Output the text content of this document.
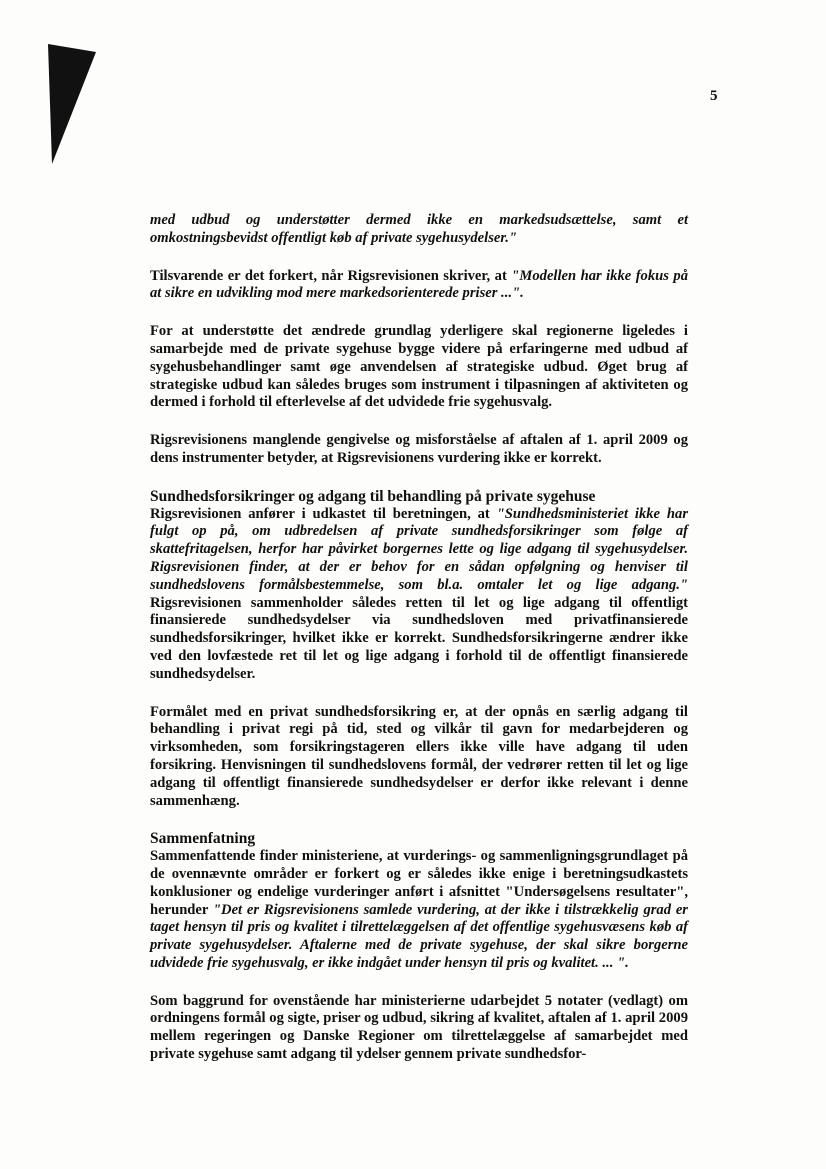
5

med udbud og understøtter dermed ikke en markedsudsættelse, samt et omkostningsbevidst offentligt køb af private sygehusydelser."

Tilsvarende er det forkert, når Rigsrevisionen skriver, at "Modellen har ikke fokus på at sikre en udvikling mod mere markedsorienterede priser ...".

For at understøtte det ændrede grundlag yderligere skal regionerne ligeledes i samarbejde med de private sygehuse bygge videre på erfaringerne med udbud af sygehusbehandlinger samt øge anvendelsen af strategiske udbud. Øget brug af strategiske udbud kan således bruges som instrument i tilpasningen af aktiviteten og dermed i forhold til efterlevelse af det udvidede frie sygehusvalg.

Rigsrevisionens manglende gengivelse og misforståelse af aftalen af 1. april 2009 og dens instrumenter betyder, at Rigsrevisionens vurdering ikke er korrekt.

Sundhedsforsikringer og adgang til behandling på private sygehuse

Rigsrevisionen anfører i udkastet til beretningen, at "Sundhedsministeriet ikke har fulgt op på, om udbredelsen af private sundhedsforsikringer som følge af skattefritagelsen, herfor har påvirket borgernes lette og lige adgang til sygehusydelser. Rigsrevisionen finder, at der er behov for en sådan opfølgning og henviser til sundhedslovens formålsbestemmelse, som bl.a. omtaler let og lige adgang." Rigsrevisionen sammenholder således retten til let og lige adgang til offentligt finansierede sundhedsydelser via sundhedsloven med privatfinansierede sundhedsforsikringer, hvilket ikke er korrekt. Sundhedsforsikringerne ændrer ikke ved den lovfæstede ret til let og lige adgang i forhold til de offentligt finansierede sundhedsydelser.

Formålet med en privat sundhedsforsikring er, at der opnås en særlig adgang til behandling i privat regi på tid, sted og vilkår til gavn for medarbejderen og virksomheden, som forsikringstageren ellers ikke ville have adgang til uden forsikring. Henvisningen til sundhedslovens formål, der vedrører retten til let og lige adgang til offentligt finansierede sundhedsydelser er derfor ikke relevant i denne sammenhæng.

Sammenfatning

Sammenfattende finder ministeriene, at vurderings- og sammenligningsgrundlaget på de ovennævnte områder er forkert og er således ikke enige i beretningsudkastets konklusioner og endelige vurderinger anført i afsnittet "Undersøgelsens resultater", herunder "Det er Rigsrevisionens samlede vurdering, at der ikke i tilstrækkelig grad er taget hensyn til pris og kvalitet i tilrettelæggelsen af det offentlige sygehusvæsens køb af private sygehusydelser. Aftalerne med de private sygehuse, der skal sikre borgerne udvidede frie sygehusvalg, er ikke indgået under hensyn til pris og kvalitet. ... ".

Som baggrund for ovenstående har ministerierne udarbejdet 5 notater (vedlagt) om ordningens formål og sigte, priser og udbud, sikring af kvalitet, aftalen af 1. april 2009 mellem regeringen og Danske Regioner om tilrettelæggelse af samarbejdet med private sygehuse samt adgang til ydelser gennem private sundhedsfor-
